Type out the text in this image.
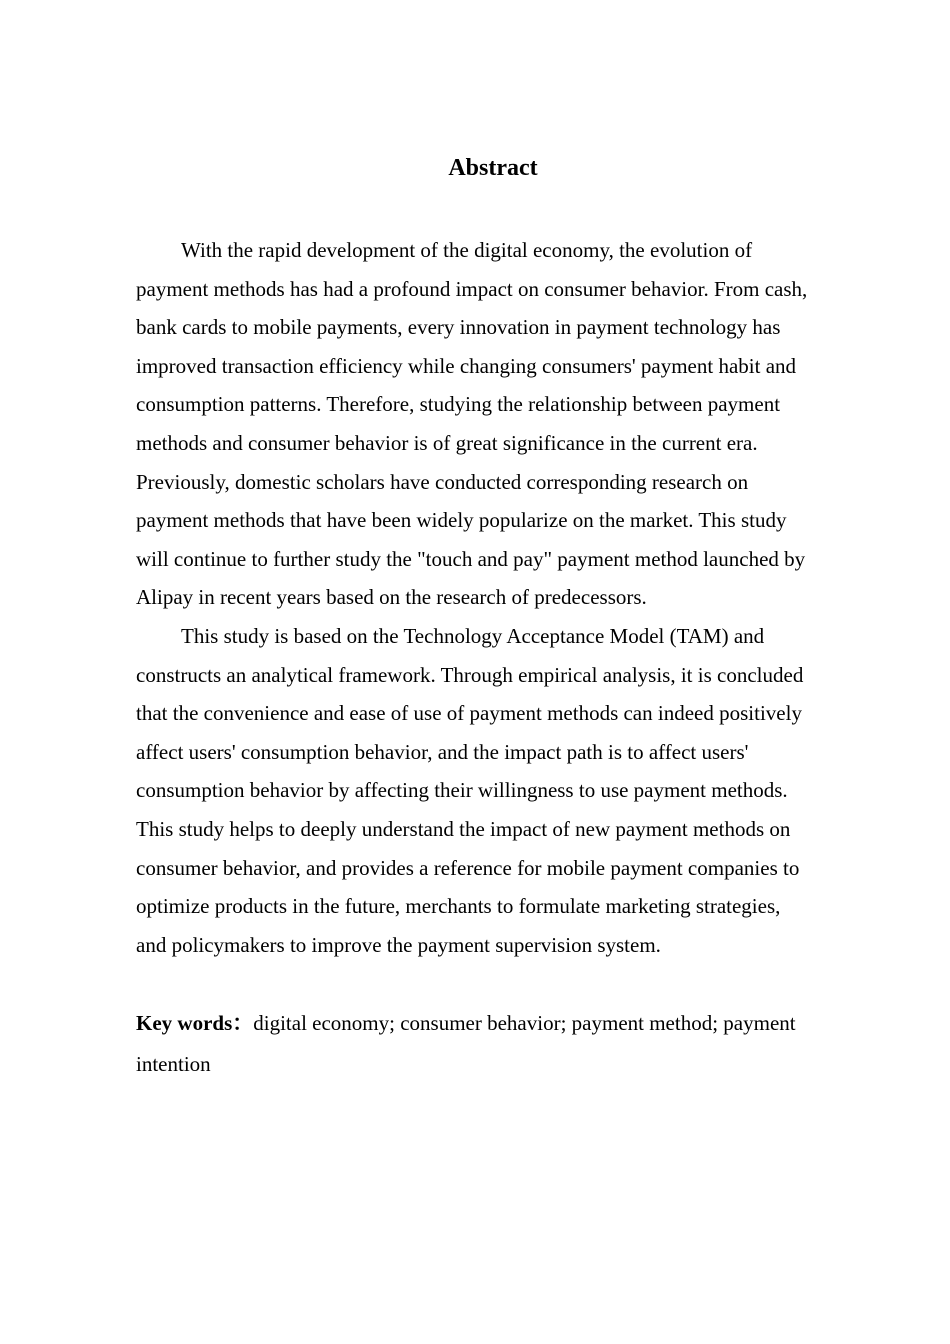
Abstract

With the rapid development of the digital economy, the evolution of
payment methods has had a profound impact on consumer behavior. From cash,
bank cards to mobile payments, every innovation in payment technology has
improved transaction efficiency while changing consumers' payment habit and
consumption patterns. Therefore, studying the relationship between payment
methods and consumer behavior is of great significance in the current era.
Previously, domestic scholars have conducted corresponding research on
payment methods that have been widely popularize on the market. This study
will continue to further study the "touch and pay" payment method launched by
Alipay in recent years based on the research of predecessors.

This study is based on the Technology Acceptance Model (TAM) and
constructs an analytical framework. Through empirical analysis, it is concluded
that the convenience and ease of use of payment methods can indeed positively
affect users' consumption behavior, and the impact path is to affect users'
consumption behavior by affecting their willingness to use payment methods.
This study helps to deeply understand the impact of new payment methods on
consumer behavior, and provides a reference for mobile payment companies to
optimize products in the future, merchants to formulate marketing strategies,
and policymakers to improve the payment supervision system.

Key words：digital economy; consumer behavior; payment method; payment
intention
